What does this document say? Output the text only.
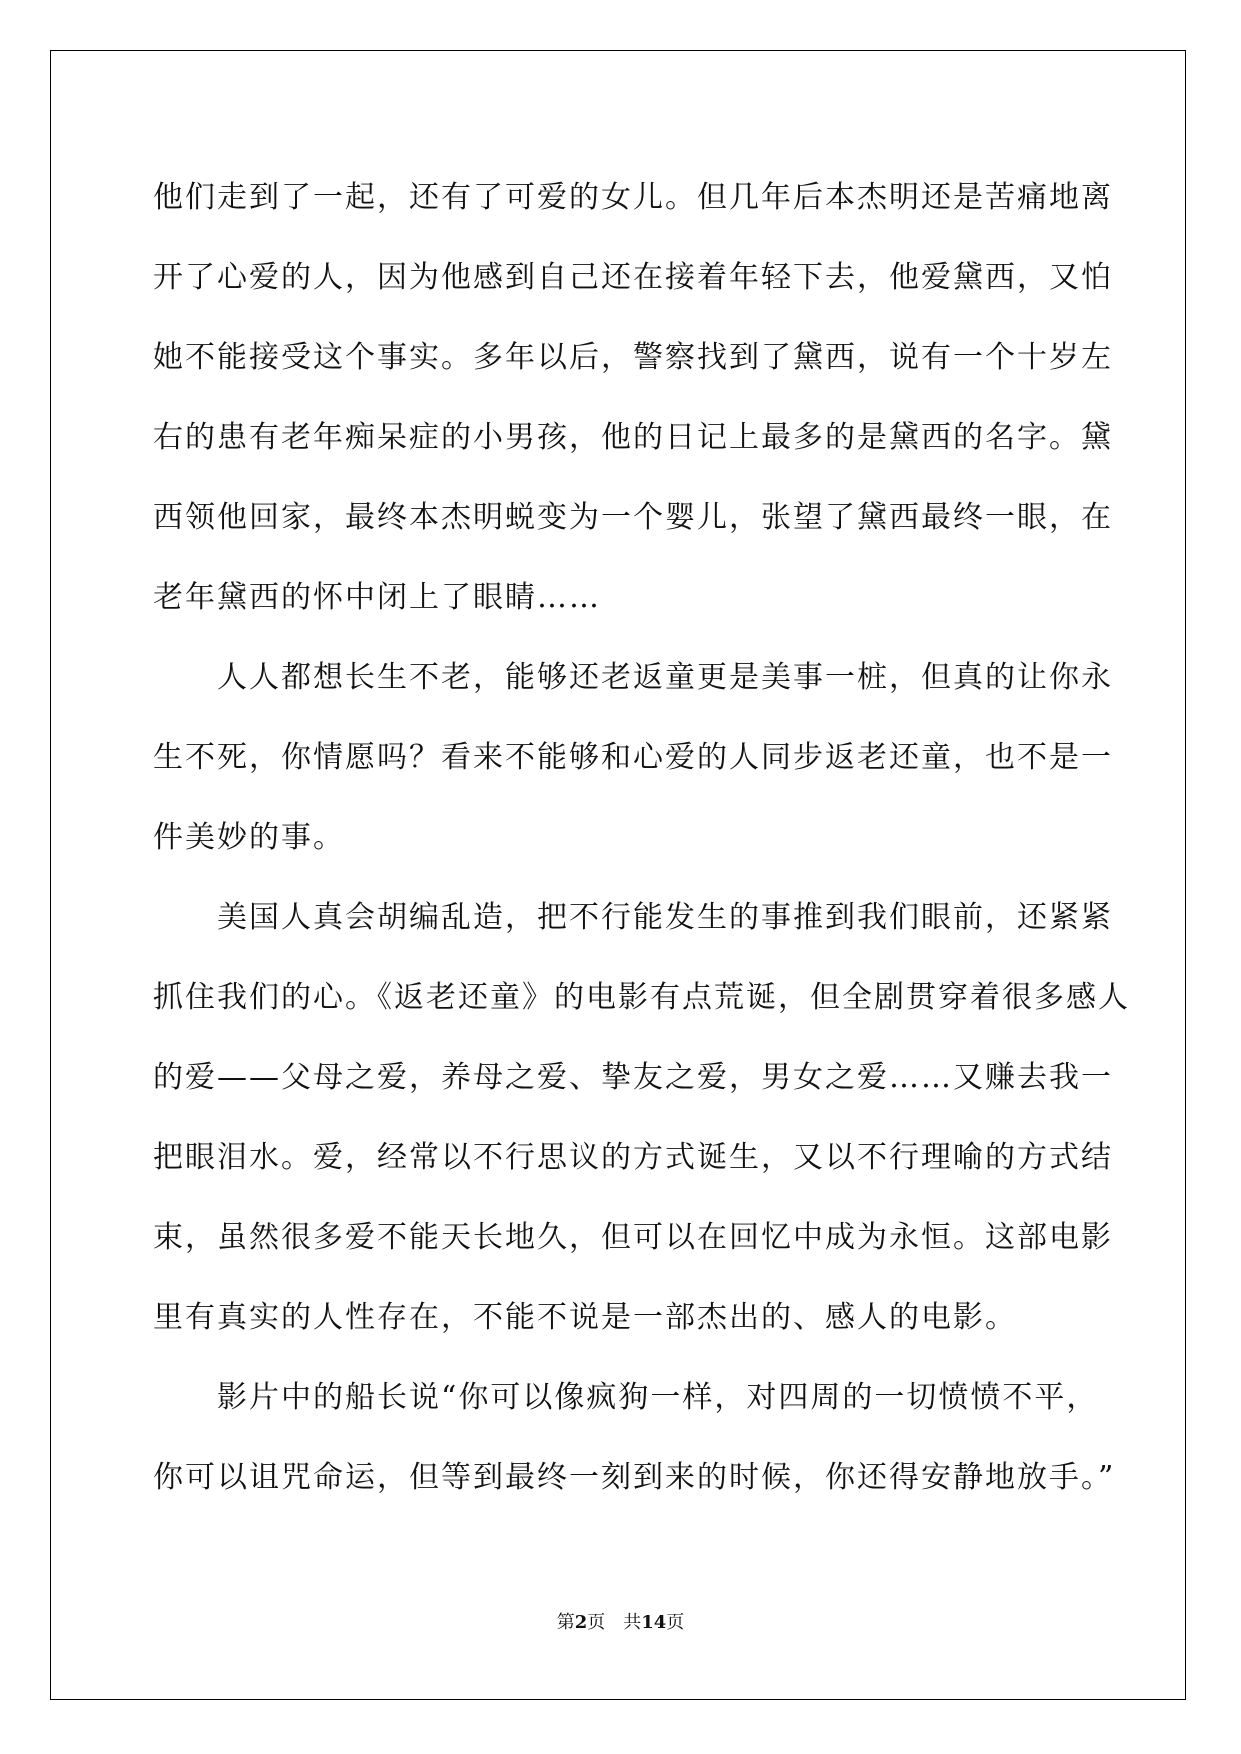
他们走到了一起，还有了可爱的女儿。但几年后本杰明还是苦痛地离
开了心爱的人，因为他感到自己还在接着年轻下去，他爱黛西，又怕
她不能接受这个事实。多年以后，警察找到了黛西，说有一个十岁左
右的患有老年痴呆症的小男孩，他的日记上最多的是黛西的名字。黛
西领他回家，最终本杰明蜕变为一个婴儿，张望了黛西最终一眼，在
老年黛西的怀中闭上了眼睛……
　　人人都想长生不老，能够还老返童更是美事一桩，但真的让你永
生不死，你情愿吗？看来不能够和心爱的人同步返老还童，也不是一
件美妙的事。
　　美国人真会胡编乱造，把不行能发生的事推到我们眼前，还紧紧
抓住我们的心。《返老还童》的电影有点荒诞，但全剧贯穿着很多感人
的爱——父母之爱，养母之爱、挚友之爱，男女之爱……又赚去我一
把眼泪水。爱，经常以不行思议的方式诞生，又以不行理喻的方式结
束，虽然很多爱不能天长地久，但可以在回忆中成为永恒。这部电影
里有真实的人性存在，不能不说是一部杰出的、感人的电影。
　　影片中的船长说“你可以像疯狗一样，对四周的一切愤愤不平，
你可以诅咒命运，但等到最终一刻到来的时候，你还得安静地放手。”
第2页　共14页
